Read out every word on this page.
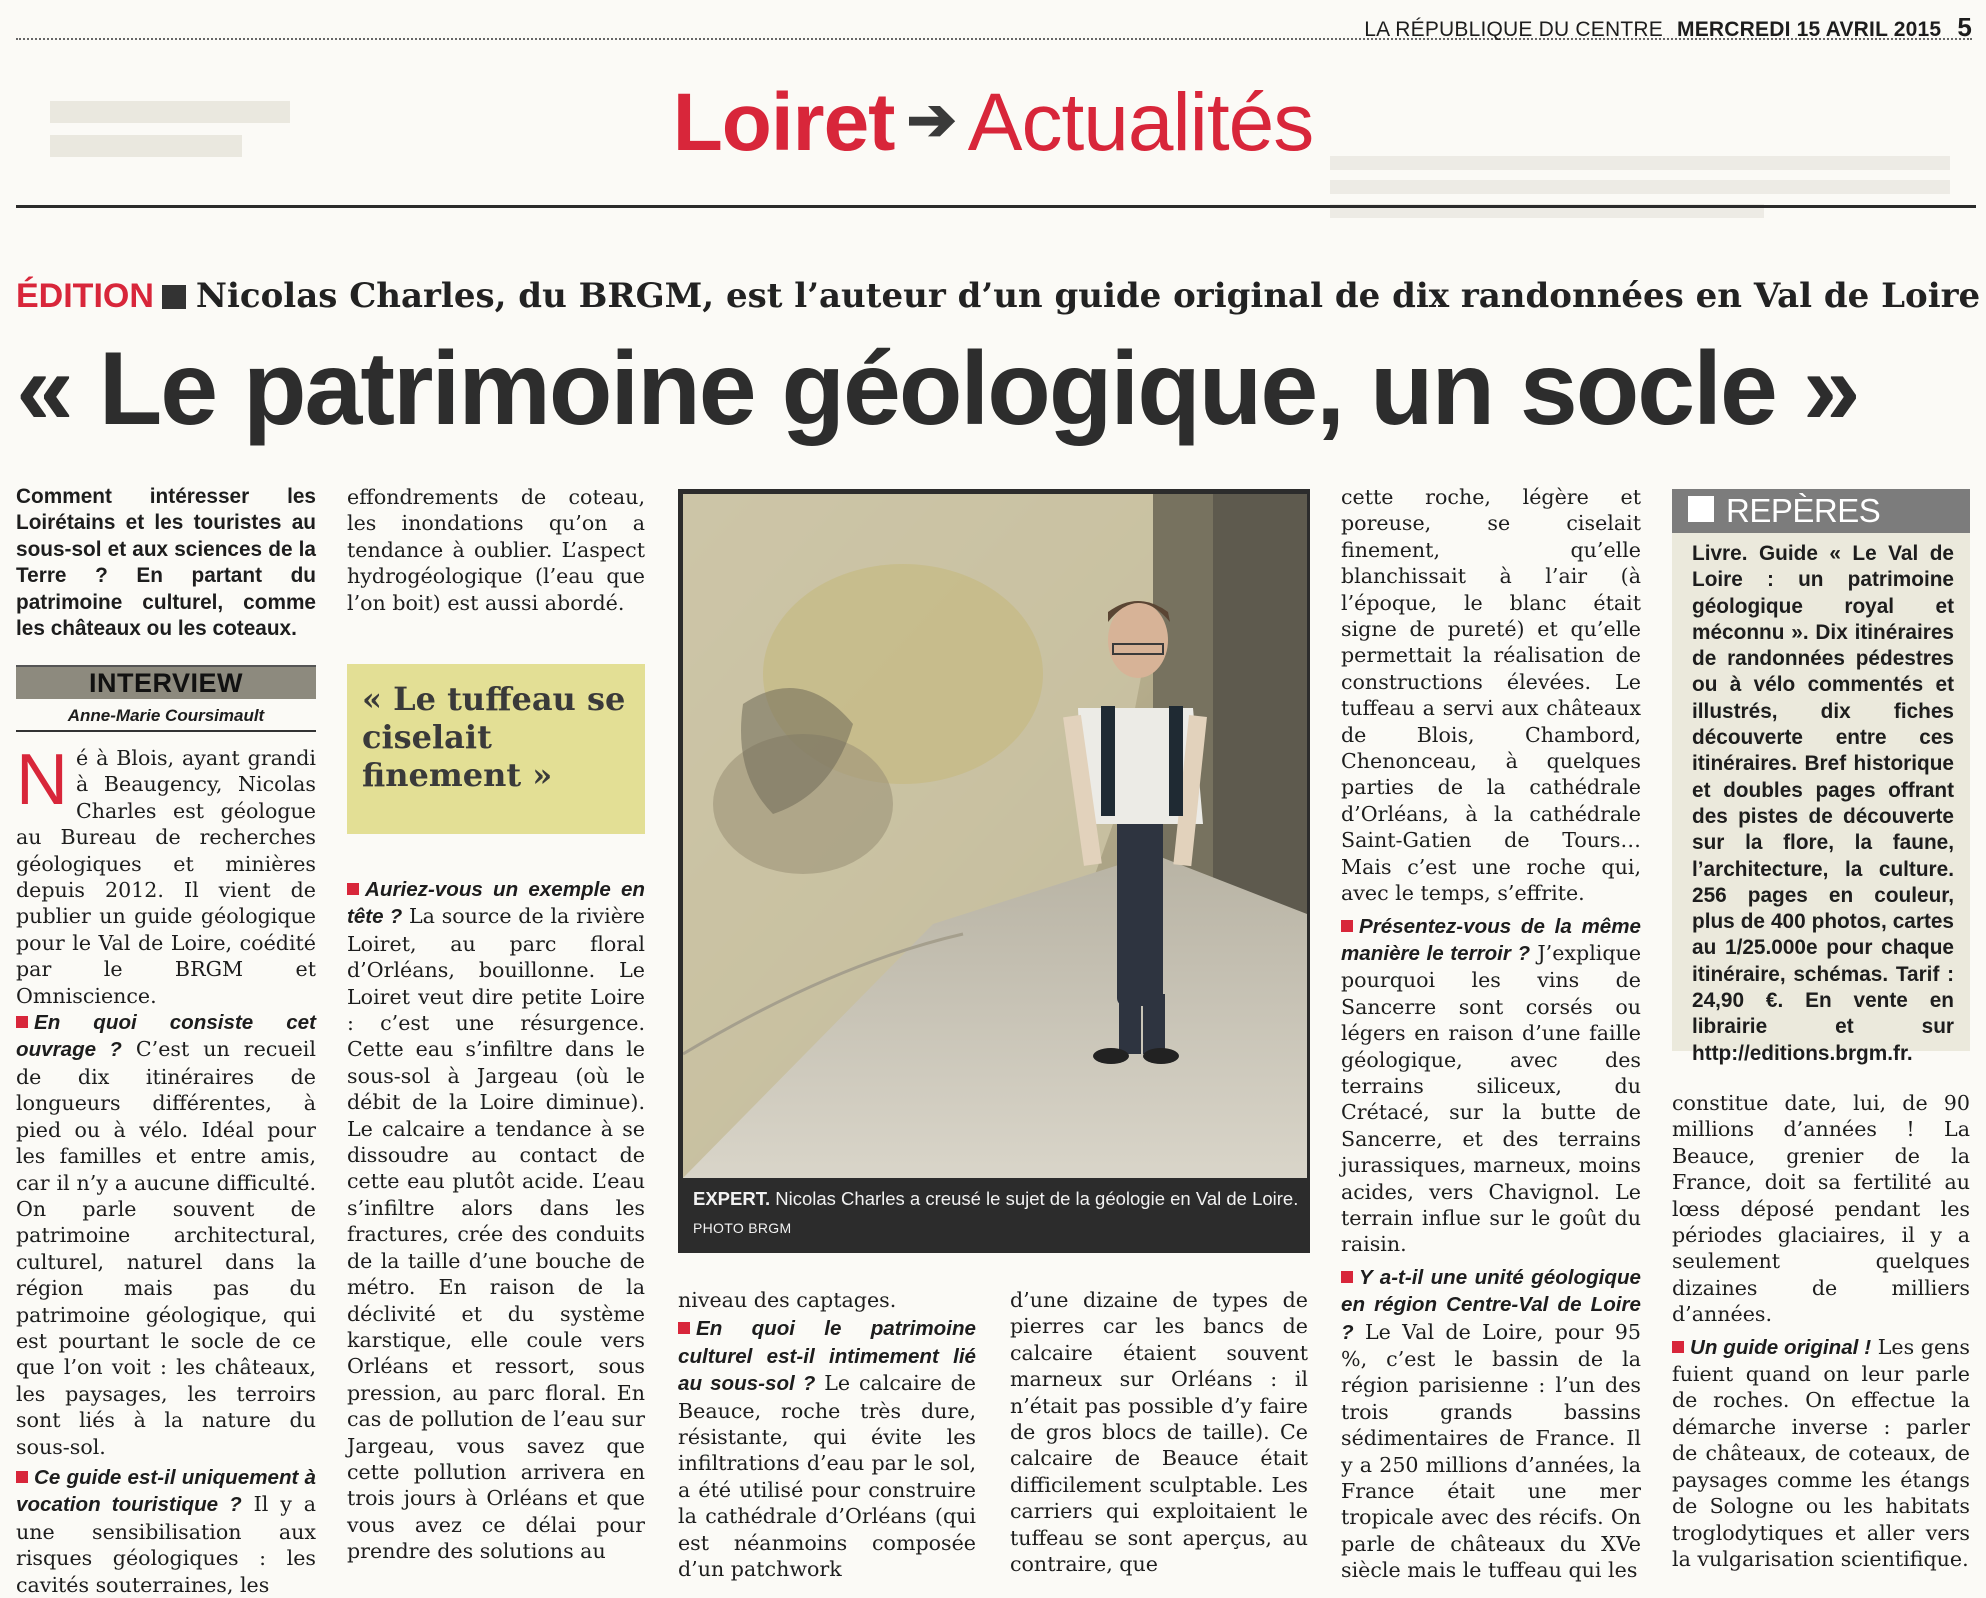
LA RÉPUBLIQUE DU CENTRE MERCREDI 15 AVRIL 2015 5
Loiret ➔ Actualités
ÉDITION Nicolas Charles, du BRGM, est l’auteur d’un guide original de dix randonnées en Val de Loire
« Le patrimoine géologique, un socle »
Comment intéresser les Loirétains et les touristes au sous-sol et aux sciences de la Terre ? En partant du patrimoine culturel, comme les châteaux ou les coteaux.
INTERVIEW
Anne-Marie Coursimault

Né à Blois, ayant grandi à Beaugency, Nicolas Charles est géologue au Bureau de recherches géologiques et minières depuis 2012. Il vient de publier un guide géologique pour le Val de Loire, coédité par le BRGM et Omniscience.

En quoi consiste cet ouvrage ? C’est un recueil de dix itinéraires de longueurs différentes, à pied ou à vélo. Idéal pour les familles et entre amis, car il n’y a aucune difficulté. On parle souvent de patrimoine architectural, culturel, naturel dans la région mais pas du patrimoine géologique, qui est pourtant le socle de ce que l’on voit : les châteaux, les paysages, les terroirs sont liés à la nature du sous-sol.

Ce guide est-il uniquement à vocation touristique ? Il y a une sensibilisation aux risques géologiques : les cavités souterraines, les

effondrements de coteau, les inondations qu’on a tendance à oublier. L’aspect hydrogéologique (l’eau que l’on boit) est aussi abordé.
« Le tuffeau se ciselait finement »

Auriez-vous un exemple en tête ? La source de la rivière Loiret, au parc floral d’Orléans, bouillonne. Le Loiret veut dire petite Loire : c’est une résurgence. Cette eau s’infiltre dans le sous-sol à Jargeau (où le débit de la Loire diminue). Le calcaire a tendance à se dissoudre au contact de cette eau plutôt acide. L’eau s’infiltre alors dans les fractures, crée des conduits de la taille d’une bouche de métro. En raison de la déclivité et du système karstique, elle coule vers Orléans et ressort, sous pression, au parc floral. En cas de pollution de l’eau sur Jargeau, vous savez que cette pollution arrivera en trois jours à Orléans et que vous avez ce délai pour prendre des solutions au

EXPERT. Nicolas Charles a creusé le sujet de la géologie en Val de Loire. PHOTO BRGM

niveau des captages.

En quoi le patrimoine culturel est-il intimement lié au sous-sol ? Le calcaire de Beauce, roche très dure, résistante, qui évite les infiltrations d’eau par le sol, a été utilisé pour construire la cathédrale d’Orléans (qui est néanmoins composée d’un patchwork

d’une dizaine de types de pierres car les bancs de calcaire étaient souvent marneux sur Orléans : il n’était pas possible d’y faire de gros blocs de taille). Ce calcaire de Beauce était difficilement sculptable. Les carriers qui exploitaient le tuffeau se sont aperçus, au contraire, que

cette roche, légère et poreuse, se ciselait finement, qu’elle blanchissait à l’air (à l’époque, le blanc était signe de pureté) et qu’elle permettait la réalisation de constructions élevées. Le tuffeau a servi aux châteaux de Blois, Chambord, Chenonceau, à quelques parties de la cathédrale d’Orléans, à la cathédrale Saint-Gatien de Tours… Mais c’est une roche qui, avec le temps, s’effrite.

Présentez-vous de la même manière le terroir ? J’explique pourquoi les vins de Sancerre sont corsés ou légers en raison d’une faille géologique, avec des terrains siliceux, du Crétacé, sur la butte de Sancerre, et des terrains jurassiques, marneux, moins acides, vers Chavignol. Le terrain influe sur le goût du raisin.

Y a-t-il une unité géologique en région Centre-Val de Loire ? Le Val de Loire, pour 95 %, c’est le bassin de la région parisienne : l’un des trois grands bassins sédimentaires de France. Il y a 250 millions d’années, la France était une mer tropicale avec des récifs. On parle de châteaux du XVe siècle mais le tuffeau qui les

REPÈRES
Livre. Guide « Le Val de Loire : un patrimoine géologique royal et méconnu ». Dix itinéraires de randonnées pédestres ou à vélo commentés et illustrés, dix fiches découverte entre ces itinéraires. Bref historique et doubles pages offrant des pistes de découverte sur la flore, la faune, l’architecture, la culture. 256 pages en couleur, plus de 400 photos, cartes au 1/25.000e pour chaque itinéraire, schémas. Tarif : 24,90 €. En vente en librairie et sur http://editions.brgm.fr.

constitue date, lui, de 90 millions d’années ! La Beauce, grenier de la France, doit sa fertilité au lœss déposé pendant les périodes glaciaires, il y a seulement quelques dizaines de milliers d’années.

Un guide original ! Les gens fuient quand on leur parle de roches. On effectue la démarche inverse : parler de châteaux, de coteaux, de paysages comme les étangs de Sologne ou les habitats troglodytiques et aller vers la vulgarisation scientifique.
